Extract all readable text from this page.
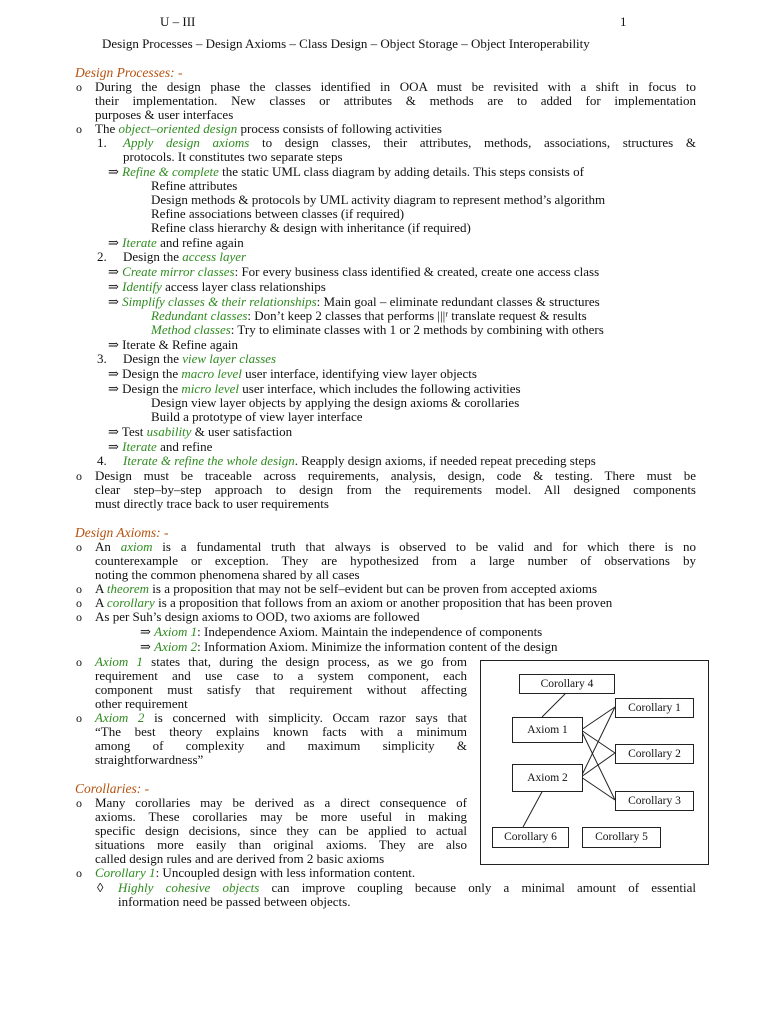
U – III	1
Design Processes – Design Axioms – Class Design – Object Storage – Object Interoperability
Design Processes: -
o During the design phase the classes identified in OOA must be revisited with a shift in focus to
their implementation. New classes or attributes & methods are to added for implementation
purposes & user interfaces
o The object–oriented design process consists of following activities
1. Apply design axioms to design classes, their attributes, methods, associations, structures &
protocols. It constitutes two separate steps
⇒ Refine & complete the static UML class diagram by adding details. This steps consists of
Refine attributes
Design methods & protocols by UML activity diagram to represent method’s algorithm
Refine associations between classes (if required)
Refine class hierarchy & design with inheritance (if required)
⇒ Iterate and refine again
2. Design the access layer
⇒ Create mirror classes: For every business class identified & created, create one access class
⇒ Identify access layer class relationships
⇒ Simplify classes & their relationships: Main goal – eliminate redundant classes & structures
Redundant classes: Don’t keep 2 classes that performs |||ʳ translate request & results
Method classes: Try to eliminate classes with 1 or 2 methods by combining with others
⇒ Iterate & Refine again
3. Design the view layer classes
⇒ Design the macro level user interface, identifying view layer objects
⇒ Design the micro level user interface, which includes the following activities
Design view layer objects by applying the design axioms & corollaries
Build a prototype of view layer interface
⇒ Test usability & user satisfaction
⇒ Iterate and refine
4. Iterate & refine the whole design. Reapply design axioms, if needed repeat preceding steps
o Design must be traceable across requirements, analysis, design, code & testing. There must be
clear step–by–step approach to design from the requirements model. All designed components
must directly trace back to user requirements
Design Axioms: -
o An axiom is a fundamental truth that always is observed to be valid and for which there is no
counterexample or exception. They are hypothesized from a large number of observations by
noting the common phenomena shared by all cases
o A theorem is a proposition that may not be self–evident but can be proven from accepted axioms
o A corollary is a proposition that follows from an axiom or another proposition that has been proven
o As per Suh’s design axioms to OOD, two axioms are followed
⇒ Axiom 1: Independence Axiom. Maintain the independence of components
⇒ Axiom 2: Information Axiom. Minimize the information content of the design
o Axiom 1 states that, during the design process, as we go from
requirement and use case to a system component, each
component must satisfy that requirement without affecting
other requirement
o Axiom 2 is concerned with simplicity. Occam razor says that
“The best theory explains known facts with a minimum
among of complexity and maximum simplicity &
straightforwardness”
Corollaries: -
o Many corollaries may be derived as a direct consequence of
axioms. These corollaries may be more useful in making
specific design decisions, since they can be applied to actual
situations more easily than original axioms. They are also
called design rules and are derived from 2 basic axioms
o Corollary 1: Uncoupled design with less information content.
◊ Highly cohesive objects can improve coupling because only a minimal amount of essential
information need be passed between objects.
Corollary 4
Axiom 1
Axiom 2
Corollary 1
Corollary 2
Corollary 3
Corollary 6	Corollary 5
